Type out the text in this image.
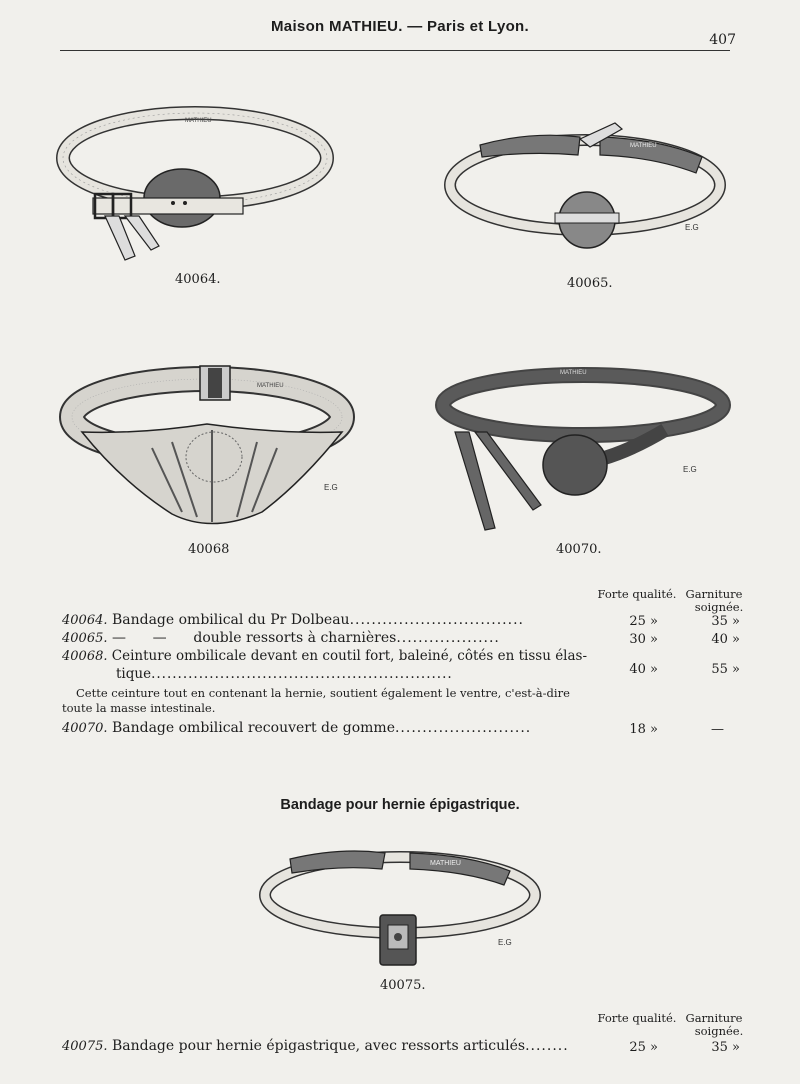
Maison MATHIEU. — Paris et Lyon.
407
MATHIEU
40064.
MATHIEU
E.G
40065.
MATHIEU
E.G
40068
MATHIEU
E.G
40070.
Forte qualité. Garniture
soignée.
40064. Bandage ombilical du Pr Dolbeau................................	25 »	35 »
40065. —      —      double ressorts à charnières...................	30 »	40 »
40068. Ceinture ombilicale devant en coutil fort, baleiné, côtés en tissu élas-
tique.........................................................	40 »	55 »
Cette ceinture tout en contenant la hernie, soutient également le ventre, c'est-à-dire toute la masse intestinale.
40070. Bandage ombilical recouvert de gomme.........................	18 »	—
Bandage pour hernie épigastrique.
MATHIEU
E.G
40075.
Forte qualité. Garniture
soignée.
40075. Bandage pour hernie épigastrique, avec ressorts articulés........	25 »	35 »
